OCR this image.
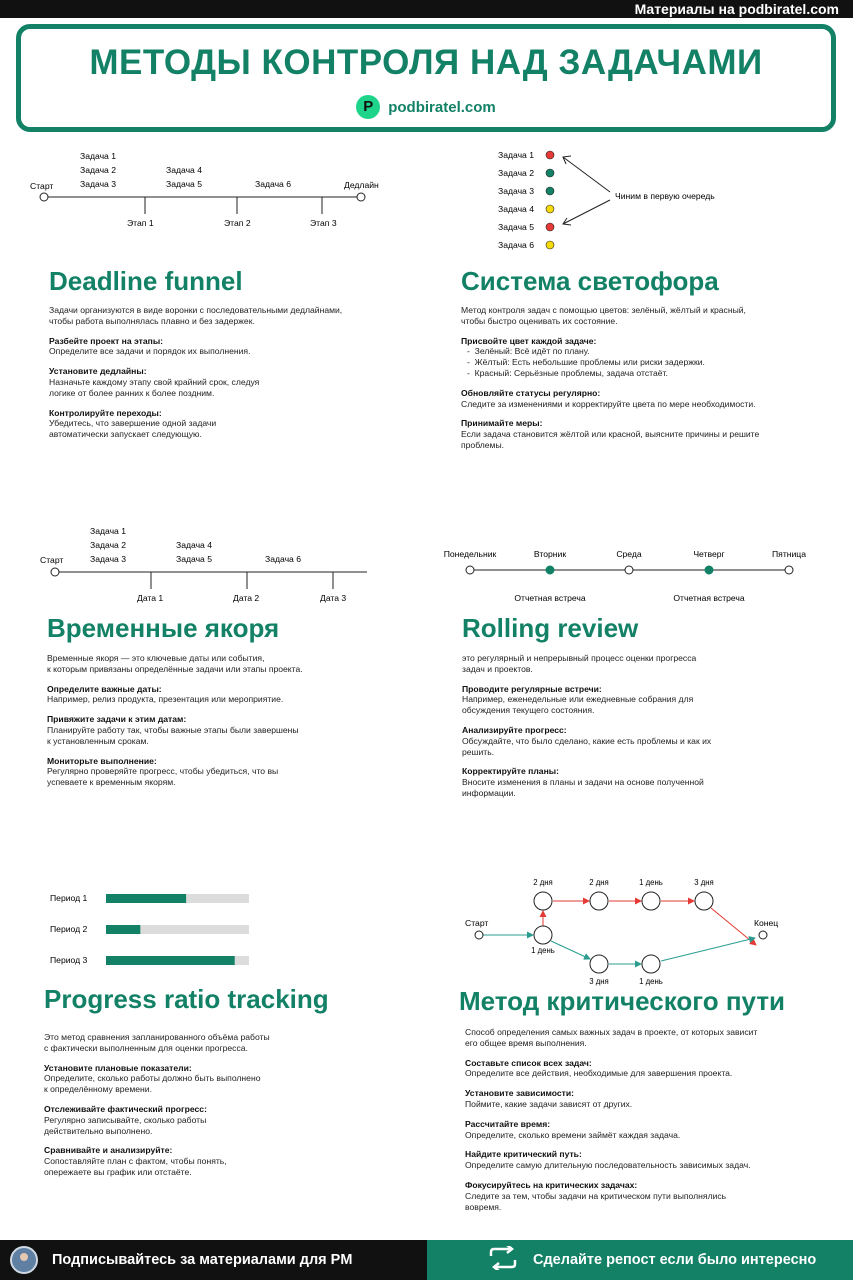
Материалы на podbiratel.com
МЕТОДЫ КОНТРОЛЯ НАД ЗАДАЧАМИ
P	podbiratel.com
Старт	Дедлайн
Задача 1
Задача 2
Задача 3
Задача 4
Задача 5	Задача 6
Этап 1	Этап 2	Этап 3
Задача 1
Задача 2
Задача 3
Задача 4
Задача 5
Задача 6
Чиним в первую очередь
Старт
Задача 1
Задача 2
Задача 3
Задача 4
Задача 5	Задача 6
Дата 1	Дата 2	Дата 3
Понедельник	Вторник	Среда	Четверг	Пятница
Отчетная встреча	Отчетная встреча
Период 1
Период 2
Период 3
Старт	Конец
2 дня	2 дня	1 день	3 дня
1 день
3 дня	1 день
Deadline funnel
Задачи организуются в виде воронки с последовательными дедлайнами,
чтобы работа выполнялась плавно и без задержек.
Разбейте проект на этапы:
Определите все задачи и порядок их выполнения.
Установите дедлайны:
Назначьте каждому этапу свой крайний срок, следуя
логике от более ранних к более поздним.
Контролируйте переходы:
Убедитесь, что завершение одной задачи
автоматически запускает следующую.
Система светофора
Метод контроля задач с помощью цветов: зелёный, жёлтый и красный,
чтобы быстро оценивать их состояние.
Присвойте цвет каждой задаче:
-  Зелёный: Всё идёт по плану.
-  Жёлтый: Есть небольшие проблемы или риски задержки.
-  Красный: Серьёзные проблемы, задача отстаёт.
Обновляйте статусы регулярно:
Следите за изменениями и корректируйте цвета по мере необходимости.
Принимайте меры:
Если задача становится жёлтой или красной, выясните причины и решите
проблемы.
Временные якоря
Временные якоря — это ключевые даты или события,
к которым привязаны определённые задачи или этапы проекта.
Определите важные даты:
Например, релиз продукта, презентация или мероприятие.
Привяжите задачи к этим датам:
Планируйте работу так, чтобы важные этапы были завершены
к установленным срокам.
Мониторьте выполнение:
Регулярно проверяйте прогресс, чтобы убедиться, что вы
успеваете к временным якорям.
Rolling review
это регулярный и непрерывный процесс оценки прогресса
задач и проектов.
Проводите регулярные встречи:
Например, еженедельные или ежедневные собрания для
обсуждения текущего состояния.
Анализируйте прогресс:
Обсуждайте, что было сделано, какие есть проблемы и как их
решить.
Корректируйте планы:
Вносите изменения в планы и задачи на основе полученной
информации.
Progress ratio tracking
Это метод сравнения запланированного объёма работы
с фактически выполненным для оценки прогресса.
Установите плановые показатели:
Определите, сколько работы должно быть выполнено
к определённому времени.
Отслеживайте фактический прогресс:
Регулярно записывайте, сколько работы
действительно выполнено.
Сравнивайте и анализируйте:
Сопоставляйте план с фактом, чтобы понять,
опережаете вы график или отстаёте.
Метод критического пути
Способ определения самых важных задач в проекте, от которых зависит
его общее время выполнения.
Составьте список всех задач:
Определите все действия, необходимые для завершения проекта.
Установите зависимости:
Поймите, какие задачи зависят от других.
Рассчитайте время:
Определите, сколько времени займёт каждая задача.
Найдите критический путь:
Определите самую длительную последовательность зависимых задач.
Фокусируйтесь на критических задачах:
Следите за тем, чтобы задачи на критическом пути выполнялись
вовремя.
Подписывайтесь за материалами для PM	Сделайте репост если было интересно
